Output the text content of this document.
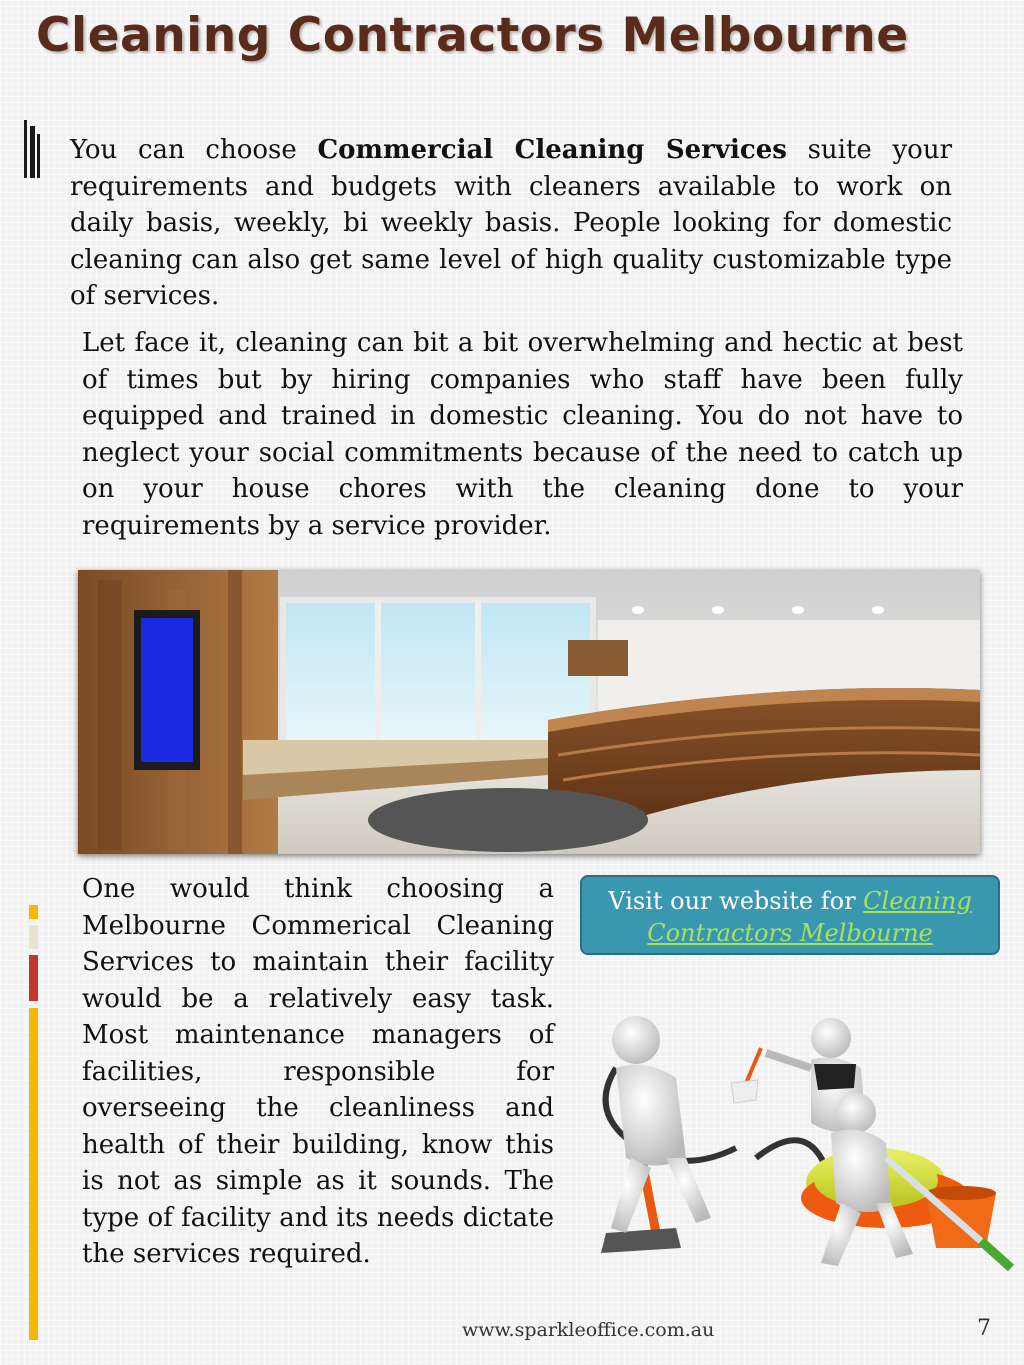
Cleaning Contractors Melbourne

You can choose Commercial Cleaning Services suite your requirements and budgets with cleaners available to work on daily basis, weekly, bi weekly basis. People looking for domestic cleaning can also get same level of high quality customizable type of services.

Let face it, cleaning can bit a bit overwhelming and hectic at best of times but by hiring companies who staff have been fully equipped and trained in domestic cleaning. You do not have to neglect your social commitments because of the need to catch up on your house chores with the cleaning done to your requirements by a service provider.

One would think choosing a Melbourne Commerical Cleaning Services to maintain their facility would be a relatively easy task. Most maintenance managers of facilities, responsible for overseeing the cleanliness and health of their building, know this is not as simple as it sounds. The type of facility and its needs dictate the services required.

Visit our website for Cleaning Contractors Melbourne
www.sparkleoffice.com.au	7
